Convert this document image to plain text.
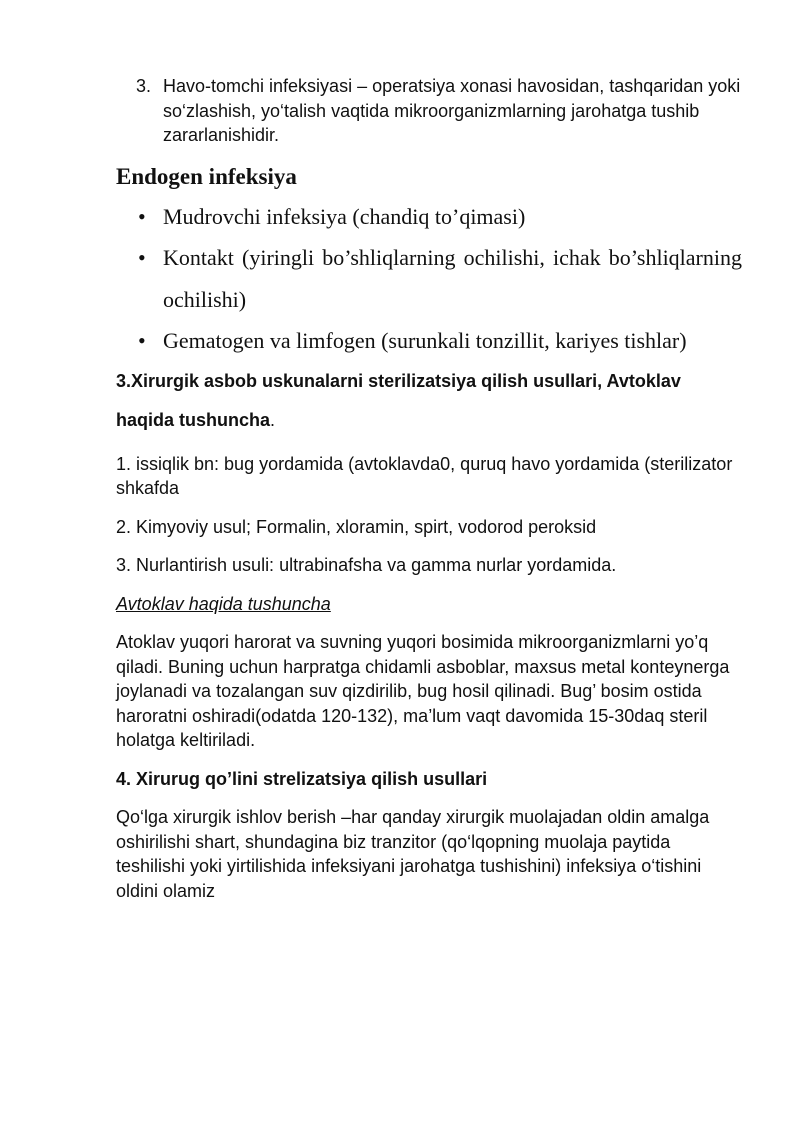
3. Havo-tomchi infeksiyasi – operatsiya xonasi havosidan, tashqaridan yoki so‘zlashish, yo‘talish vaqtida mikroorganizmlarning jarohatga tushib zararlanishidir.
Endogen infeksiya
• Mudrovchi infeksiya (chandiq to’qimasi)
• Kontakt (yiringli bo’shliqlarning ochilishi, ichak bo’shliqlarning ochilishi)
• Gematogen va limfogen (surunkali tonzillit, kariyes tishlar)
3.Xirurgik asbob uskunalarni sterilizatsiya qilish usullari, Avtoklav haqida tushuncha.
1. issiqlik bn: bug yordamida (avtoklavda0, quruq havo yordamida (sterilizator shkafda
2. Kimyoviy usul; Formalin, xloramin, spirt, vodorod peroksid
3. Nurlantirish usuli: ultrabinafsha va gamma nurlar yordamida.
Avtoklav haqida tushuncha
Atoklav yuqori harorat va suvning yuqori bosimida mikroorganizmlarni yo’q qiladi. Buning uchun harpratga chidamli asboblar, maxsus metal konteynerga joylanadi va tozalangan suv qizdirilib, bug hosil qilinadi. Bug’ bosim ostida haroratni oshiradi(odatda 120-132), ma’lum vaqt davomida 15-30daq steril holatga keltiriladi.
4. Xirurug qo’lini strelizatsiya qilish usullari
Qo‘lga xirurgik ishlov berish –har qanday xirurgik muolajadan oldin amalga oshirilishi shart, shundagina biz tranzitor (qo‘lqopning muolaja paytida teshilishi yoki yirtilishida infeksiyani jarohatga tushishini) infeksiya o‘tishini oldini olamiz
